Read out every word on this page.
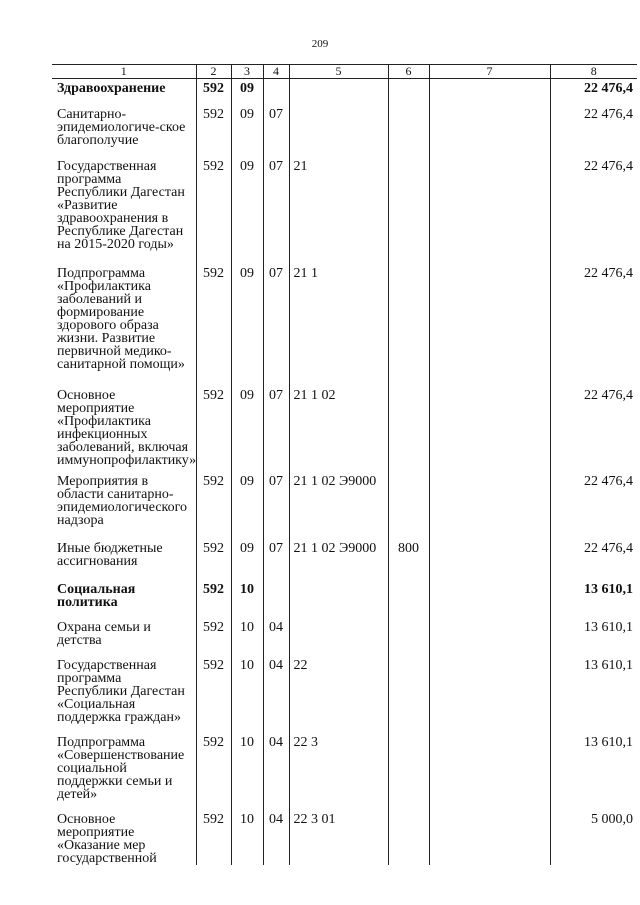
209
1	2	3	4	5	6	7	8
Здравоохранение	592	09					22 476,4
Санитарно-эпидемиологиче-ское благополучие	592	09	07				22 476,4
Государственная программа Республики Дагестан «Развитие здравоохранения в Республике Дагестан на 2015-2020 годы»	592	09	07	21			22 476,4
Подпрограмма «Профилактика заболеваний и формирование здорового образа жизни. Развитие первичной медико-санитарной помощи»	592	09	07	21 1			22 476,4
Основное мероприятие «Профилактика инфекционных заболеваний, включая иммунопрофилактику»	592	09	07	21 1 02			22 476,4
Мероприятия в области санитарно-эпидемиологического надзора	592	09	07	21 1 02 Э9000			22 476,4
Иные бюджетные ассигнования	592	09	07	21 1 02 Э9000	800		22 476,4
Социальная политика	592	10					13 610,1
Охрана семьи и детства	592	10	04				13 610,1
Государственная программа Республики Дагестан «Социальная поддержка граждан»	592	10	04	22			13 610,1
Подпрограмма «Совершенствование социальной поддержки семьи и детей»	592	10	04	22 3			13 610,1
Основное мероприятие «Оказание мер государственной	592	10	04	22 3 01			5 000,0
